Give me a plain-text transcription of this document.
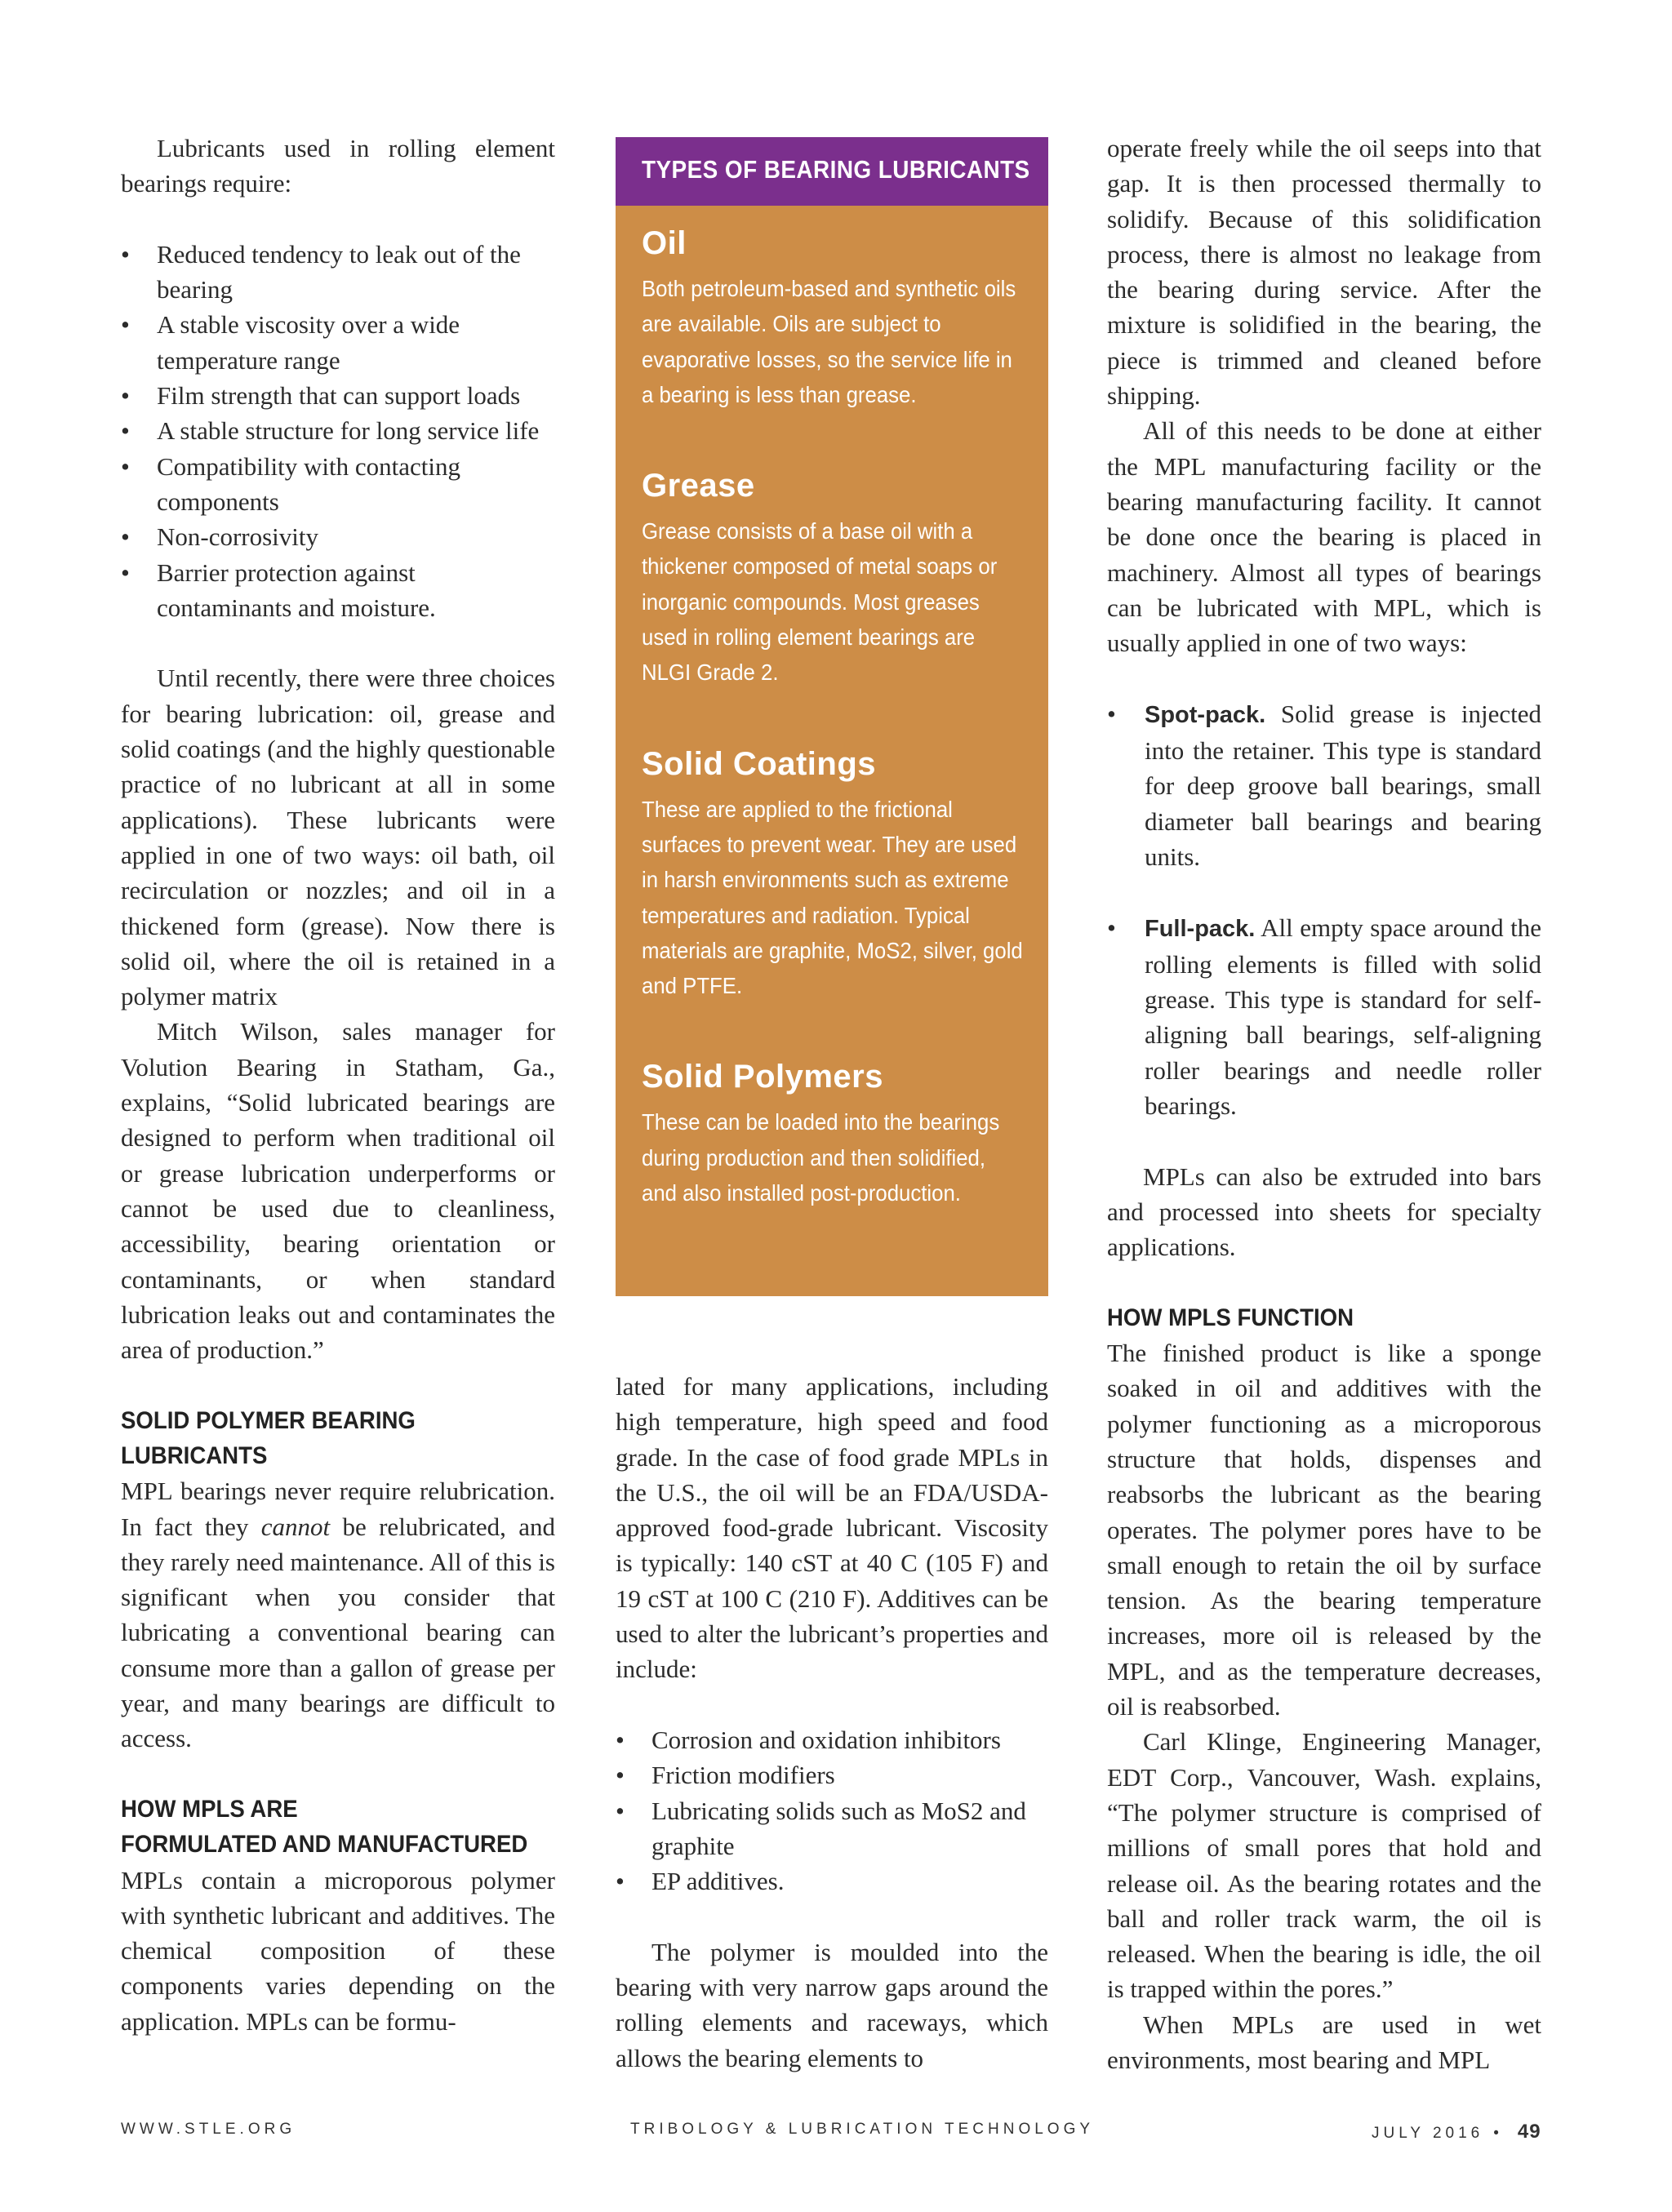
Lubricants used in rolling element bearings require:

•
Reduced tendency to leak out of the bearing
•
A stable viscosity over a wide temperature range
•
Film strength that can support loads
•
A stable structure for long service life
•
Compatibility with contacting components
•
Non-corrosivity
•
Barrier protection against contaminants and moisture.

Until recently, there were three choices for bearing lubrication: oil, grease and solid coatings (and the highly questionable practice of no lubricant at all in some applications). These lubricants were applied in one of two ways: oil bath, oil recirculation or nozzles; and oil in a thickened form (grease). Now there is solid oil, where the oil is retained in a polymer matrix

Mitch Wilson, sales manager for Volution Bearing in Statham, Ga., explains, “Solid lubricated bearings are designed to perform when traditional oil or grease lubrication underperforms or cannot be used due to cleanliness, accessibility, bearing orientation or contaminants, or when standard lubrication leaks out and contaminates the area of production.”

SOLID POLYMER BEARING
LUBRICANTS

MPL bearings never require relubrication. In fact they cannot be relubricated, and they rarely need maintenance. All of this is significant when you consider that lubricating a conventional bearing can consume more than a gallon of grease per year, and many bearings are difficult to access.

HOW MPLS ARE
FORMULATED AND MANUFACTURED

MPLs contain a microporous polymer with synthetic lubricant and additives. The chemical composition of these components varies depending on the application. MPLs can be formu-

TYPES OF BEARING LUBRICANTS
Oil

Both petroleum-based and synthetic oils are available. Oils are subject to evaporative losses, so the service life in a bearing is less than grease.

Grease

Grease consists of a base oil with a thickener composed of metal soaps or inorganic compounds. Most greases used in rolling element bearings are NLGI Grade 2.

Solid Coatings

These are applied to the frictional surfaces to prevent wear. They are used in harsh environments such as extreme temperatures and radiation. Typical materials are graphite, MoS2, silver, gold and PTFE.

Solid Polymers

These can be loaded into the bearings during production and then solidified, and also installed post-production.

lated for many applications, including high temperature, high speed and food grade. In the case of food grade MPLs in the U.S., the oil will be an FDA/USDA-approved food-grade lubricant. Viscosity is typically: 140 cST at 40 C (105 F) and 19 cST at 100 C (210 F). Additives can be used to alter the lubricant’s properties and include:

•
Corrosion and oxidation inhibitors
•
Friction modifiers
•
Lubricating solids such as MoS2 and graphite
•
EP additives.

The polymer is moulded into the bearing with very narrow gaps around the rolling elements and raceways, which allows the bearing elements to

operate freely while the oil seeps into that gap. It is then processed thermally to solidify. Because of this solidification process, there is almost no leakage from the bearing during service. After the mixture is solidified in the bearing, the piece is trimmed and cleaned before shipping.

All of this needs to be done at either the MPL manufacturing facility or the bearing manufacturing facility. It cannot be done once the bearing is placed in machinery. Almost all types of bearings can be lubricated with MPL, which is usually applied in one of two ways:

•
Spot-pack. Solid grease is injected into the retainer. This type is standard for deep groove ball bearings, small diameter ball bearings and bearing units.
•
Full-pack. All empty space around the rolling elements is filled with solid grease. This type is standard for self-aligning ball bearings, self-aligning roller bearings and needle roller bearings.

MPLs can also be extruded into bars and processed into sheets for specialty applications.

HOW MPLS FUNCTION

The finished product is like a sponge soaked in oil and additives with the polymer functioning as a microporous structure that holds, dispenses and reabsorbs the lubricant as the bearing operates. The polymer pores have to be small enough to retain the oil by surface tension. As the bearing temperature increases, more oil is released by the MPL, and as the temperature decreases, oil is reabsorbed.

Carl Klinge, Engineering Manager, EDT Corp., Vancouver, Wash. explains, “The polymer structure is comprised of millions of small pores that hold and release oil. As the bearing rotates and the ball and roller track warm, the oil is released. When the bearing is idle, the oil is trapped within the pores.”

When MPLs are used in wet environments, most bearing and MPL

WWW.STLE.ORG	TRIBOLOGY & LUBRICATION TECHNOLOGY	JULY 2016 • 49
